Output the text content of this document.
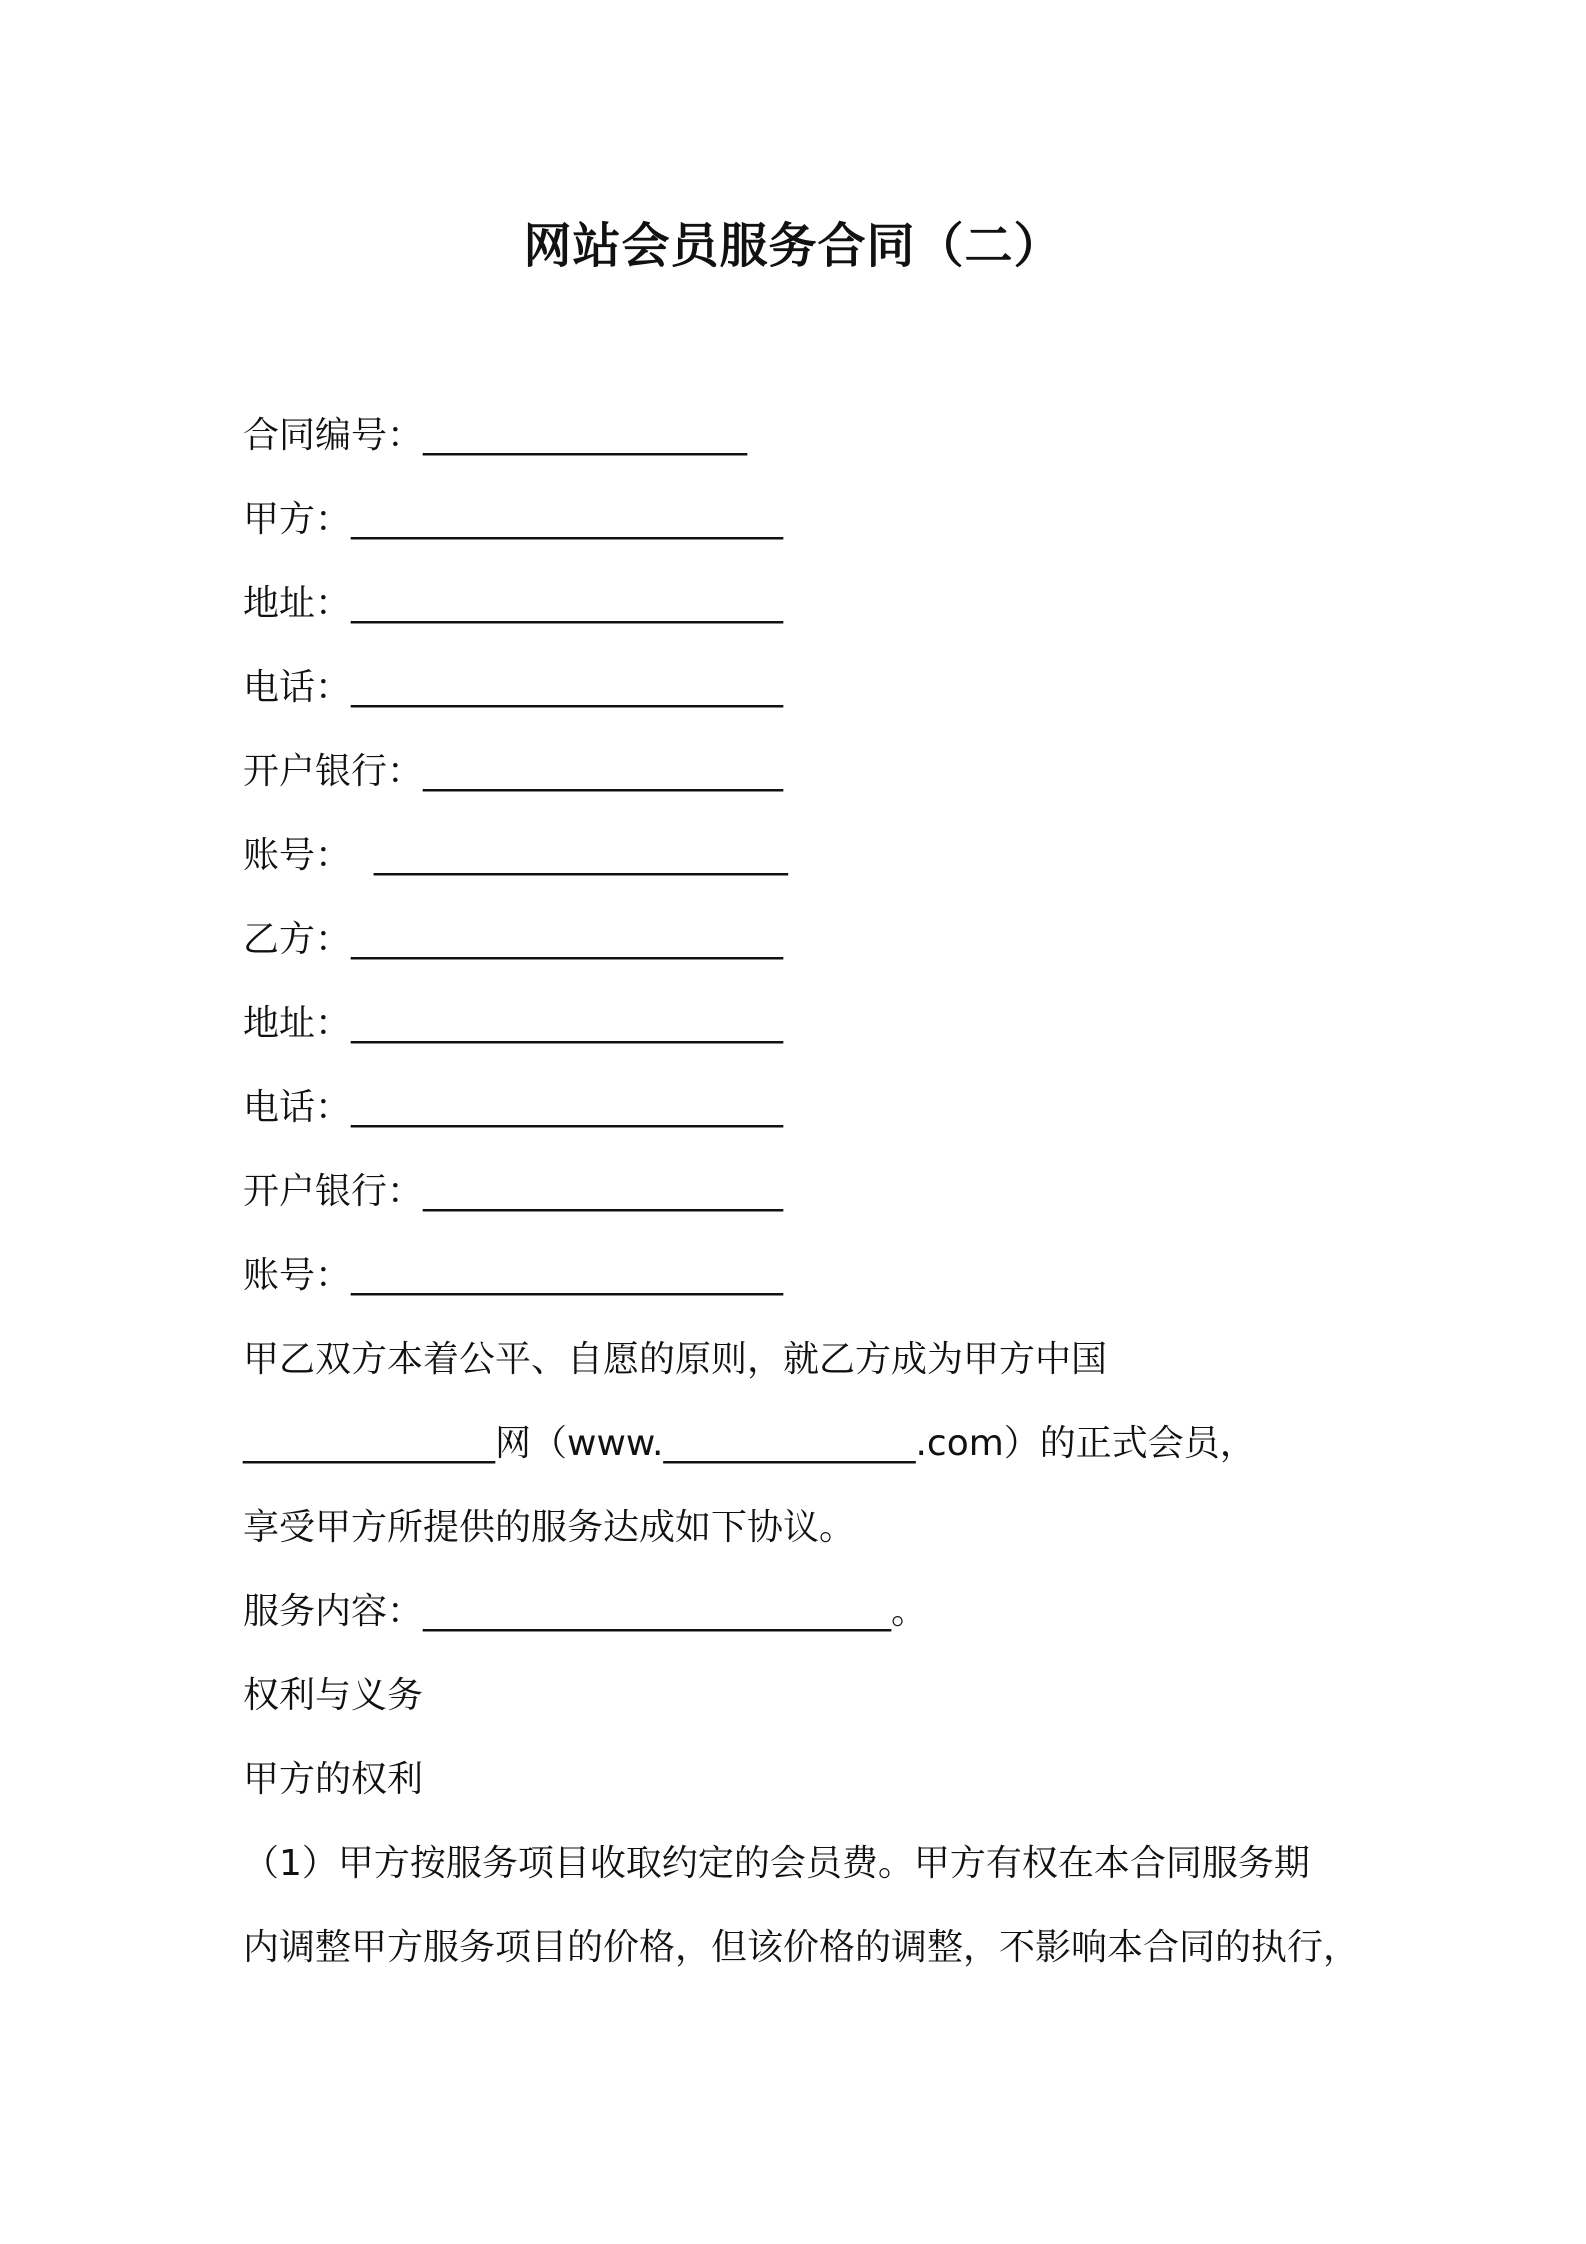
网站会员服务合同（二）
合同编号：__________________
甲方：________________________
地址：________________________
电话：________________________
开户银行：____________________
账号：  _______________________
乙方：________________________
地址：________________________
电话：________________________
开户银行：____________________
账号：________________________
甲乙双方本着公平、自愿的原则，就乙方成为甲方中国
______________网（www.______________.com）的正式会员，
享受甲方所提供的服务达成如下协议。
服务内容：__________________________。
权利与义务
甲方的权利
（1）甲方按服务项目收取约定的会员费。甲方有权在本合同服务期
内调整甲方服务项目的价格，但该价格的调整，不影响本合同的执行，
